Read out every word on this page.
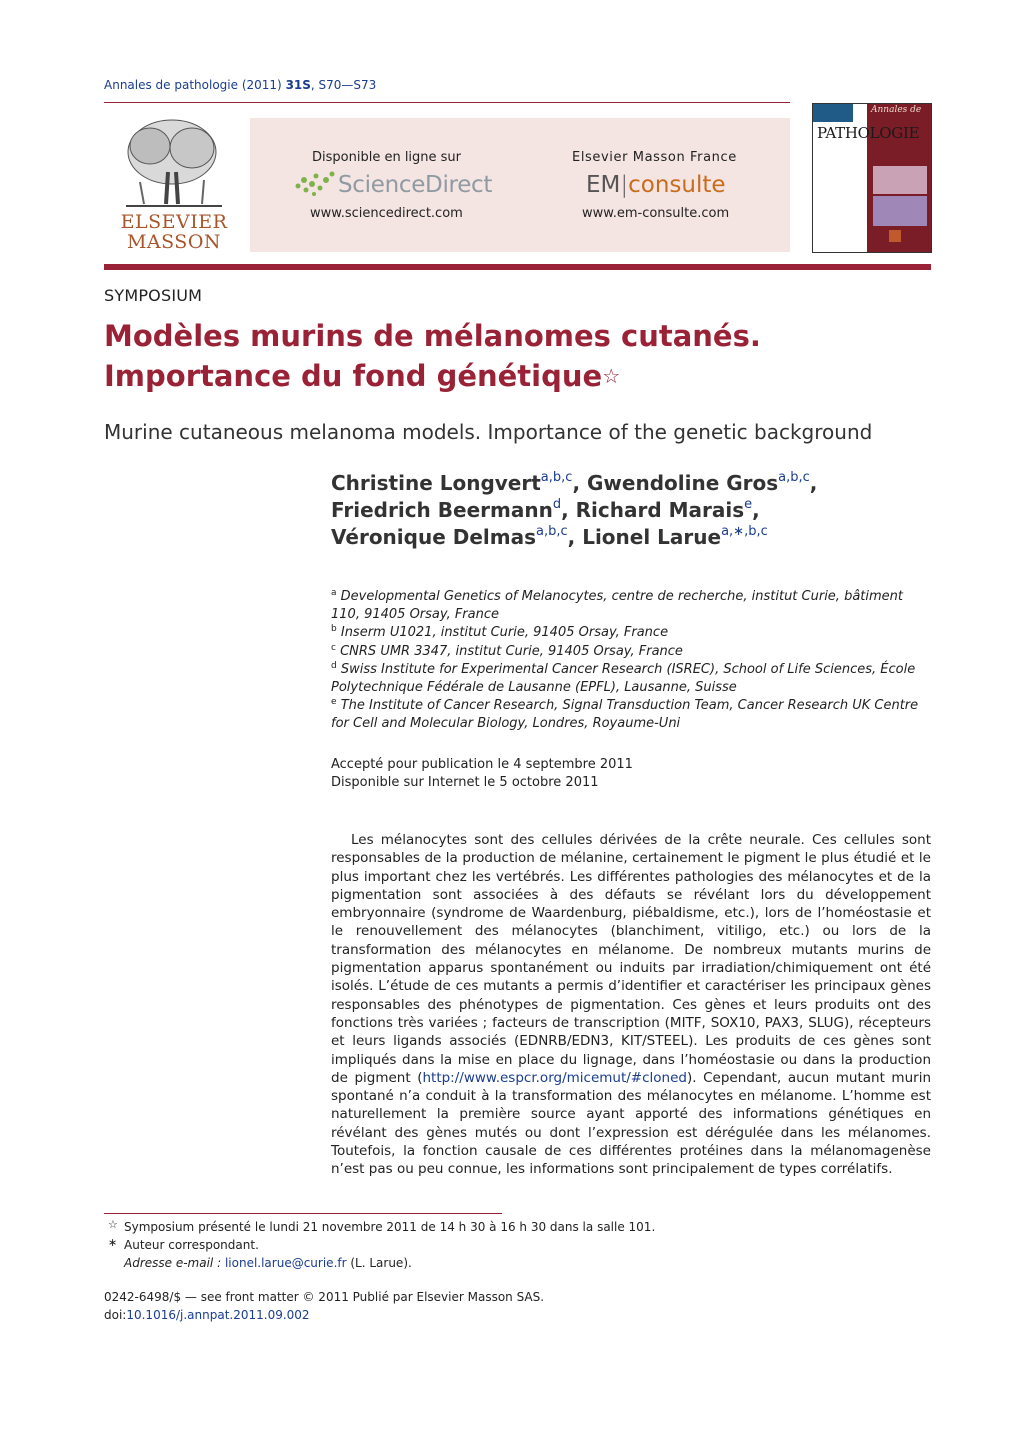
Annales de pathologie (2011) 31S, S70—S73
ELSEVIER MASSON
Disponible en ligne sur
ScienceDirect
www.sciencedirect.com
Elsevier Masson France
EM|consulte
www.em-consulte.com
Annales de
PATHOLOGIE
SYMPOSIUM
Modèles murins de mélanomes cutanés. Importance du fond génétique☆
Murine cutaneous melanoma models. Importance of the genetic background
Christine Longvert$^{a,b,c}$, Gwendoline Gros$^{a,b,c}$,
Friedrich Beermann$^d$, Richard Marais$^e$,
Véronique Delmas$^{a,b,c}$, Lionel Larue$^{a,∗,b,c}$
$^a$ Developmental Genetics of Melanocytes, centre de recherche, institut Curie, bâtiment 110, 91405 Orsay, France
$^b$ Inserm U1021, institut Curie, 91405 Orsay, France
$^c$ CNRS UMR 3347, institut Curie, 91405 Orsay, France
$^d$ Swiss Institute for Experimental Cancer Research (ISREC), School of Life Sciences, École Polytechnique Fédérale de Lausanne (EPFL), Lausanne, Suisse
$^e$ The Institute of Cancer Research, Signal Transduction Team, Cancer Research UK Centre for Cell and Molecular Biology, Londres, Royaume-Uni
Accepté pour publication le 4 septembre 2011
Disponible sur Internet le 5 octobre 2011

Les mélanocytes sont des cellules dérivées de la crête neurale. Ces cellules sont responsables de la production de mélanine, certainement le pigment le plus étudié et le plus important chez les vertébrés. Les différentes pathologies des mélanocytes et de la pigmentation sont associées à des défauts se révélant lors du développement embryonnaire (syndrome de Waardenburg, piébaldisme, etc.), lors de l’homéostasie et le renouvellement des mélanocytes (blanchiment, vitiligo, etc.) ou lors de la transformation des mélanocytes en mélanome. De nombreux mutants murins de pigmentation apparus spontanément ou induits par irradiation/chimiquement ont été isolés. L’étude de ces mutants a permis d’identifier et caractériser les principaux gènes responsables des phénotypes de pigmentation. Ces gènes et leurs produits ont des fonctions très variées ; facteurs de transcription (MITF, SOX10, PAX3, SLUG), récepteurs et leurs ligands associés (EDNRB/EDN3, KIT/STEEL). Les produits de ces gènes sont impliqués dans la mise en place du lignage, dans l’homéostasie ou dans la production de pigment (http://www.espcr.org/micemut/#cloned). Cependant, aucun mutant murin spontané n’a conduit à la transformation des mélanocytes en mélanome. L’homme est naturellement la première source ayant apporté des informations génétiques en révélant des gènes mutés ou dont l’expression est dérégulée dans les mélanomes. Toutefois, la fonction causale de ces différentes protéines dans la mélanomagenèse n’est pas ou peu connue, les informations sont principalement de types corrélatifs.

☆ Symposium présenté le lundi 21 novembre 2011 de 14 h 30 à 16 h 30 dans la salle 101.
∗ Auteur correspondant.
Adresse e-mail : lionel.larue@curie.fr (L. Larue).
0242-6498/$ — see front matter © 2011 Publié par Elsevier Masson SAS.
doi:10.1016/j.annpat.2011.09.002
